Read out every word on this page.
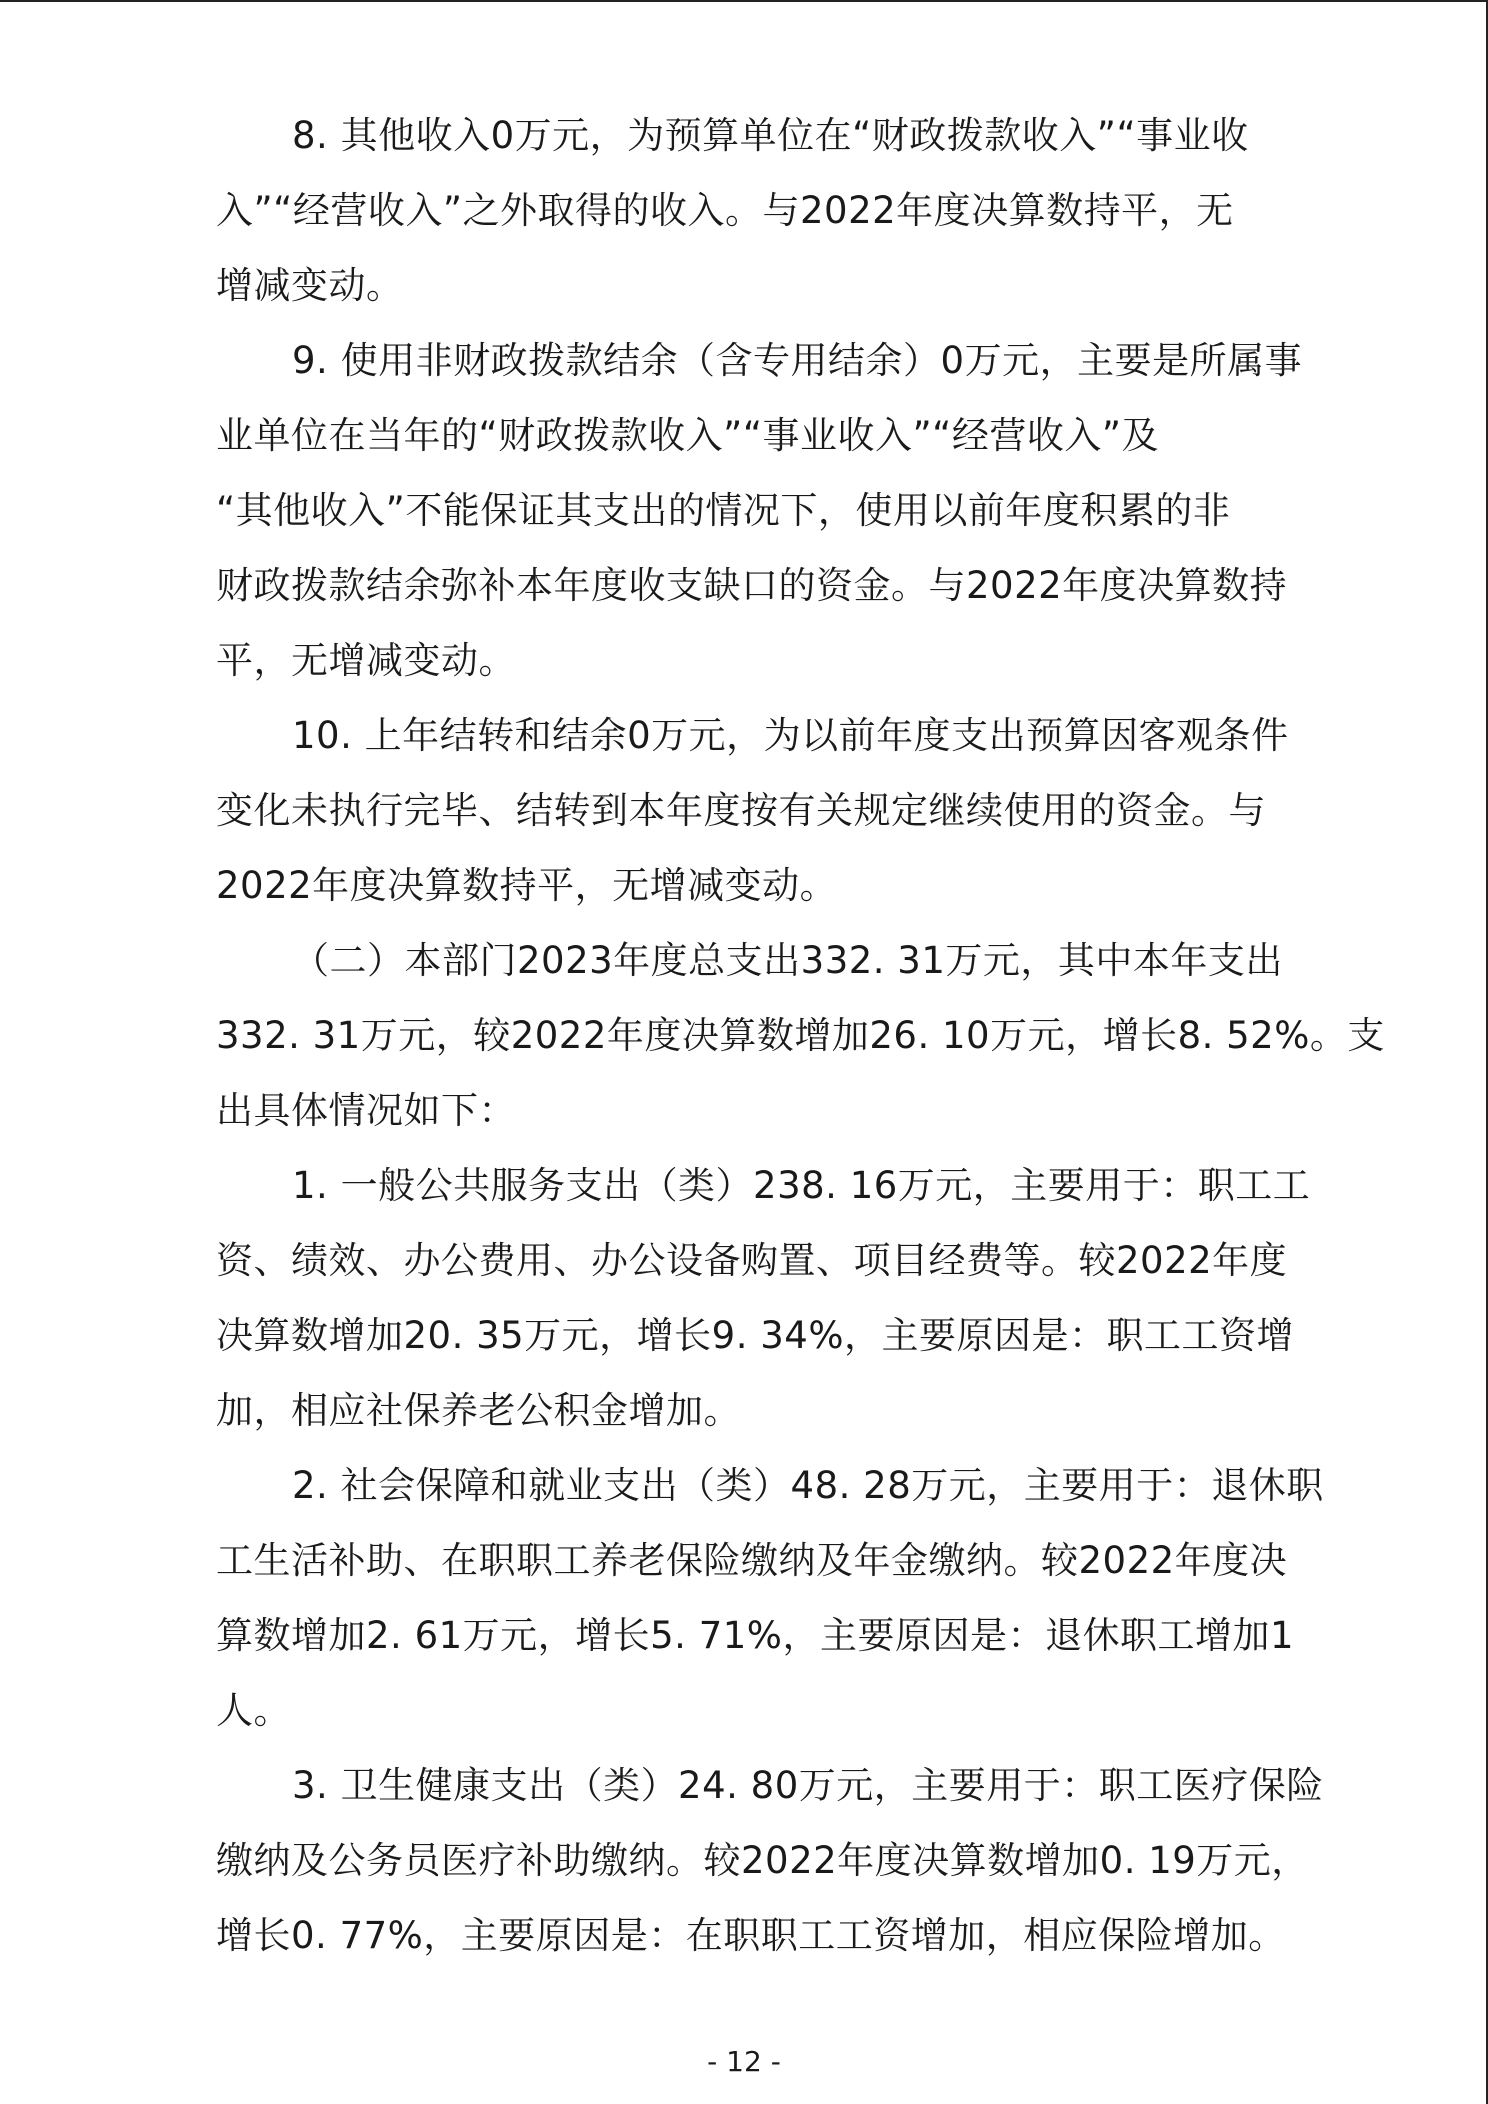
8. 其他收入0万元，为预算单位在“财政拨款收入”“事业收
入”“经营收入”之外取得的收入。与2022年度决算数持平，无
增减变动。
9. 使用非财政拨款结余（含专用结余）0万元，主要是所属事
业单位在当年的“财政拨款收入”“事业收入”“经营收入”及
“其他收入”不能保证其支出的情况下，使用以前年度积累的非
财政拨款结余弥补本年度收支缺口的资金。与2022年度决算数持
平，无增减变动。
10. 上年结转和结余0万元，为以前年度支出预算因客观条件
变化未执行完毕、结转到本年度按有关规定继续使用的资金。与
2022年度决算数持平，无增减变动。
（二）本部门2023年度总支出332. 31万元，其中本年支出
332. 31万元，较2022年度决算数增加26. 10万元，增长8. 52%。支
出具体情况如下：
1. 一般公共服务支出（类）238. 16万元，主要用于：职工工
资、绩效、办公费用、办公设备购置、项目经费等。较2022年度
决算数增加20. 35万元，增长9. 34%，主要原因是：职工工资增
加，相应社保养老公积金增加。
2. 社会保障和就业支出（类）48. 28万元，主要用于：退休职
工生活补助、在职职工养老保险缴纳及年金缴纳。较2022年度决
算数增加2. 61万元，增长5. 71%，主要原因是：退休职工增加1
人。
3. 卫生健康支出（类）24. 80万元，主要用于：职工医疗保险
缴纳及公务员医疗补助缴纳。较2022年度决算数增加0. 19万元，
增长0. 77%，主要原因是：在职职工工资增加，相应保险增加。
- 12 -
